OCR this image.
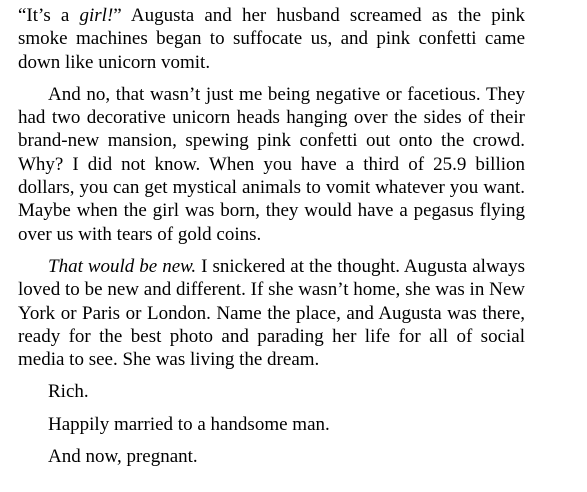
“It’s a girl!” Augusta and her husband screamed as the pink smoke machines began to suffocate us, and pink confetti came down like unicorn vomit.

And no, that wasn’t just me being negative or facetious. They had two decorative unicorn heads hanging over the sides of their brand-new mansion, spewing pink confetti out onto the crowd. Why? I did not know. When you have a third of 25.9 billion dollars, you can get mystical animals to vomit whatever you want. Maybe when the girl was born, they would have a pegasus flying over us with tears of gold coins.

That would be new. I snickered at the thought. Augusta always loved to be new and different. If she wasn’t home, she was in New York or Paris or London. Name the place, and Augusta was there, ready for the best photo and parading her life for all of social media to see. She was living the dream.

Rich.

Happily married to a handsome man.

And now, pregnant.
